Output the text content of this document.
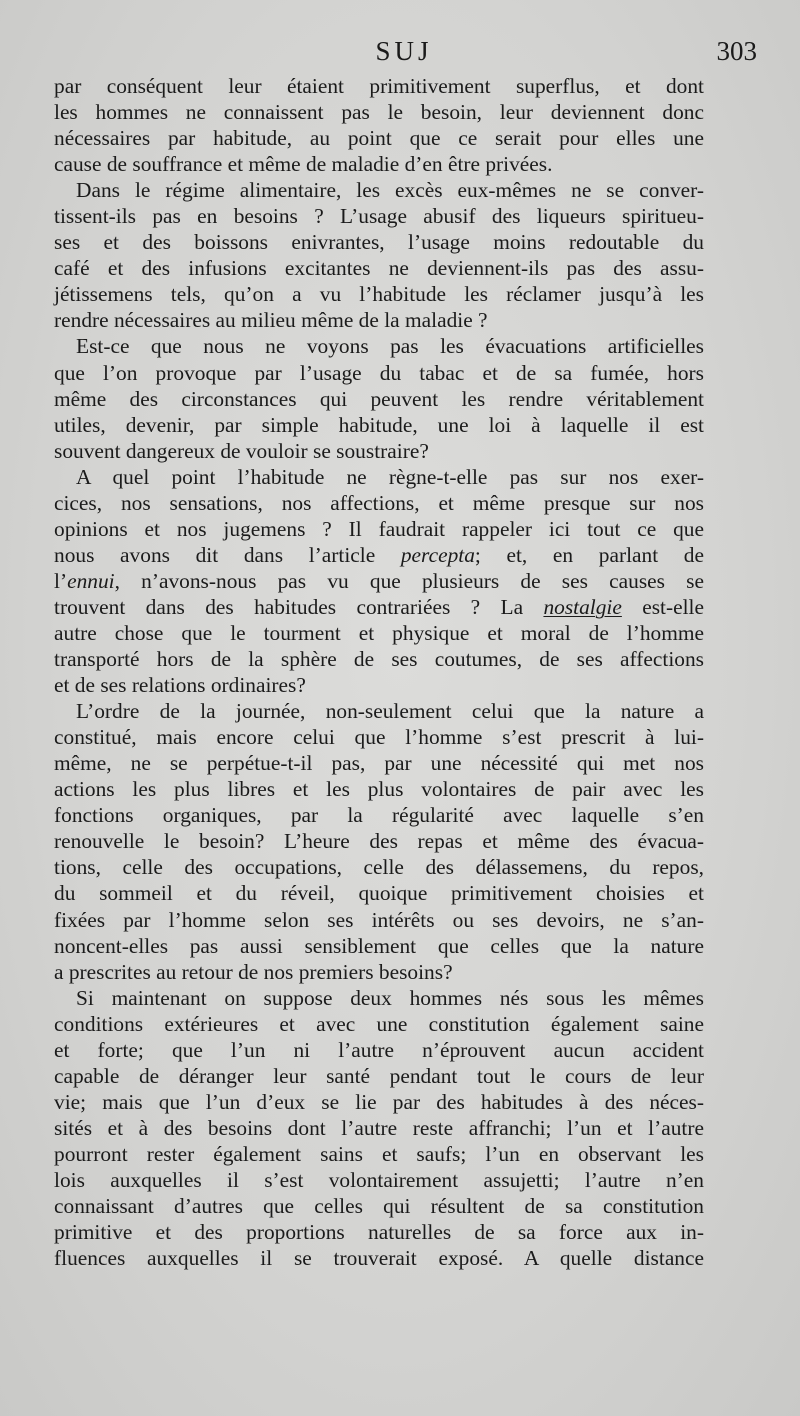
SUJ	303
par conséquent leur étaient primitivement superflus, et dont
les hommes ne connaissent pas le besoin, leur deviennent donc
nécessaires par habitude, au point que ce serait pour elles une
cause de souffrance et même de maladie d’en être privées.
Dans le régime alimentaire, les excès eux-mêmes ne se conver-
tissent-ils pas en besoins ? L’usage abusif des liqueurs spiritueu-
ses et des boissons enivrantes, l’usage moins redoutable du
café et des infusions excitantes ne deviennent-ils pas des assu-
jétissemens tels, qu’on a vu l’habitude les réclamer jusqu’à les
rendre nécessaires au milieu même de la maladie ?
Est-ce que nous ne voyons pas les évacuations artificielles
que l’on provoque par l’usage du tabac et de sa fumée, hors
même des circonstances qui peuvent les rendre véritablement
utiles, devenir, par simple habitude, une loi à laquelle il est
souvent dangereux de vouloir se soustraire?
A quel point l’habitude ne règne-t-elle pas sur nos exer-
cices, nos sensations, nos affections, et même presque sur nos
opinions et nos jugemens ? Il faudrait rappeler ici tout ce que
nous avons dit dans l’article percepta; et, en parlant de
l’ennui, n’avons-nous pas vu que plusieurs de ses causes se
trouvent dans des habitudes contrariées ? La nostalgie est-elle
autre chose que le tourment et physique et moral de l’homme
transporté hors de la sphère de ses coutumes, de ses affections
et de ses relations ordinaires?
L’ordre de la journée, non-seulement celui que la nature a
constitué, mais encore celui que l’homme s’est prescrit à lui-
même, ne se perpétue-t-il pas, par une nécessité qui met nos
actions les plus libres et les plus volontaires de pair avec les
fonctions organiques, par la régularité avec laquelle s’en
renouvelle le besoin? L’heure des repas et même des évacua-
tions, celle des occupations, celle des délassemens, du repos,
du sommeil et du réveil, quoique primitivement choisies et
fixées par l’homme selon ses intérêts ou ses devoirs, ne s’an-
noncent-elles pas aussi sensiblement que celles que la nature
a prescrites au retour de nos premiers besoins?
Si maintenant on suppose deux hommes nés sous les mêmes
conditions extérieures et avec une constitution également saine
et forte; que l’un ni l’autre n’éprouvent aucun accident
capable de déranger leur santé pendant tout le cours de leur
vie; mais que l’un d’eux se lie par des habitudes à des néces-
sités et à des besoins dont l’autre reste affranchi; l’un et l’autre
pourront rester également sains et saufs; l’un en observant les
lois auxquelles il s’est volontairement assujetti; l’autre n’en
connaissant d’autres que celles qui résultent de sa constitution
primitive et des proportions naturelles de sa force aux in-
fluences auxquelles il se trouverait exposé. A quelle distance
